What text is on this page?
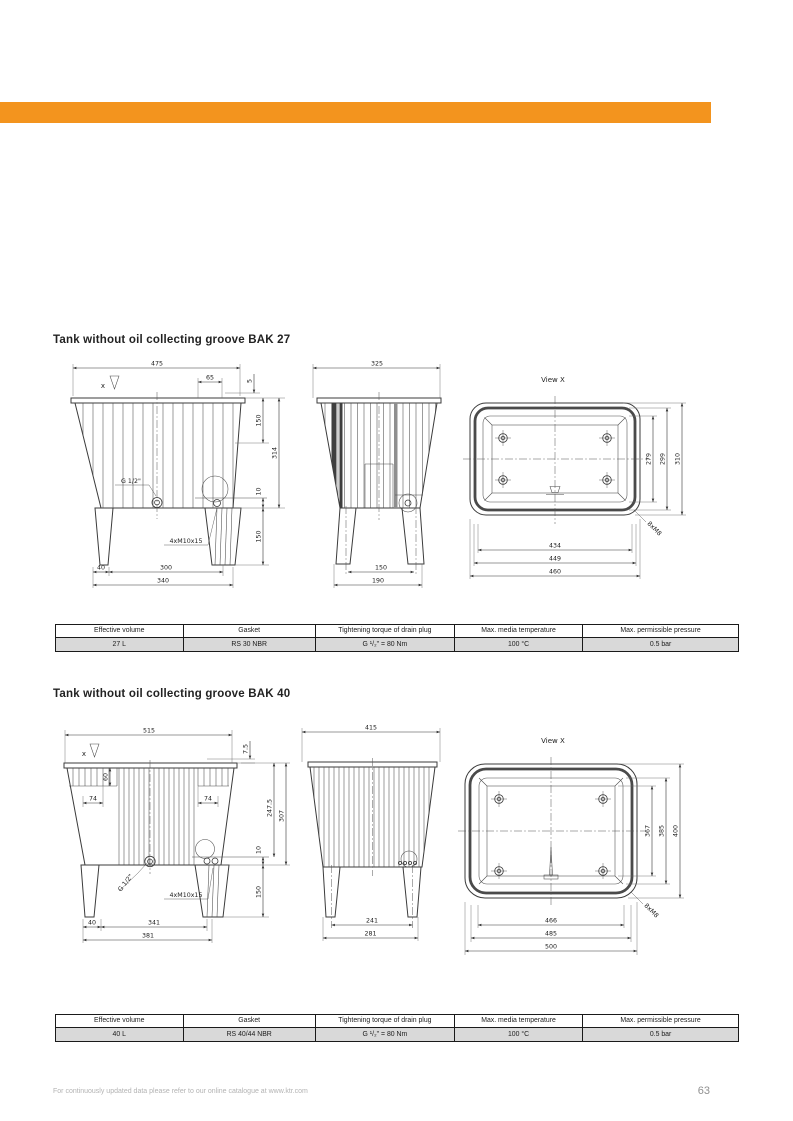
Tank without oil collecting groove BAK 27
x
475
65	5
150
314
10
150
40	300
340
G 1/2"
4xM10x15
325
150
190
View X
279 299 310
434
449
460
8xM8
Effective volume	Gasket	Tightening torque of drain plug	Max. media temperature	Max. permissible pressure
27 L	RS 30 NBR	G ¹/₂" = 80 Nm	100 °C	0.5 bar
Tank without oil collecting groove BAK 40
x
515
7.5
60
74	74	247.5 307
10
150
40	341
381
G 1/2"
4xM10x15
415
241
281
View X
367 385 400
466
485
500
8xM8
Effective volume	Gasket	Tightening torque of drain plug	Max. media temperature	Max. permissible pressure
40 L	RS 40/44 NBR	G ¹/₂" = 80 Nm	100 °C	0.5 bar
For continuously updated data please refer to our online catalogue at www.ktr.com	63
